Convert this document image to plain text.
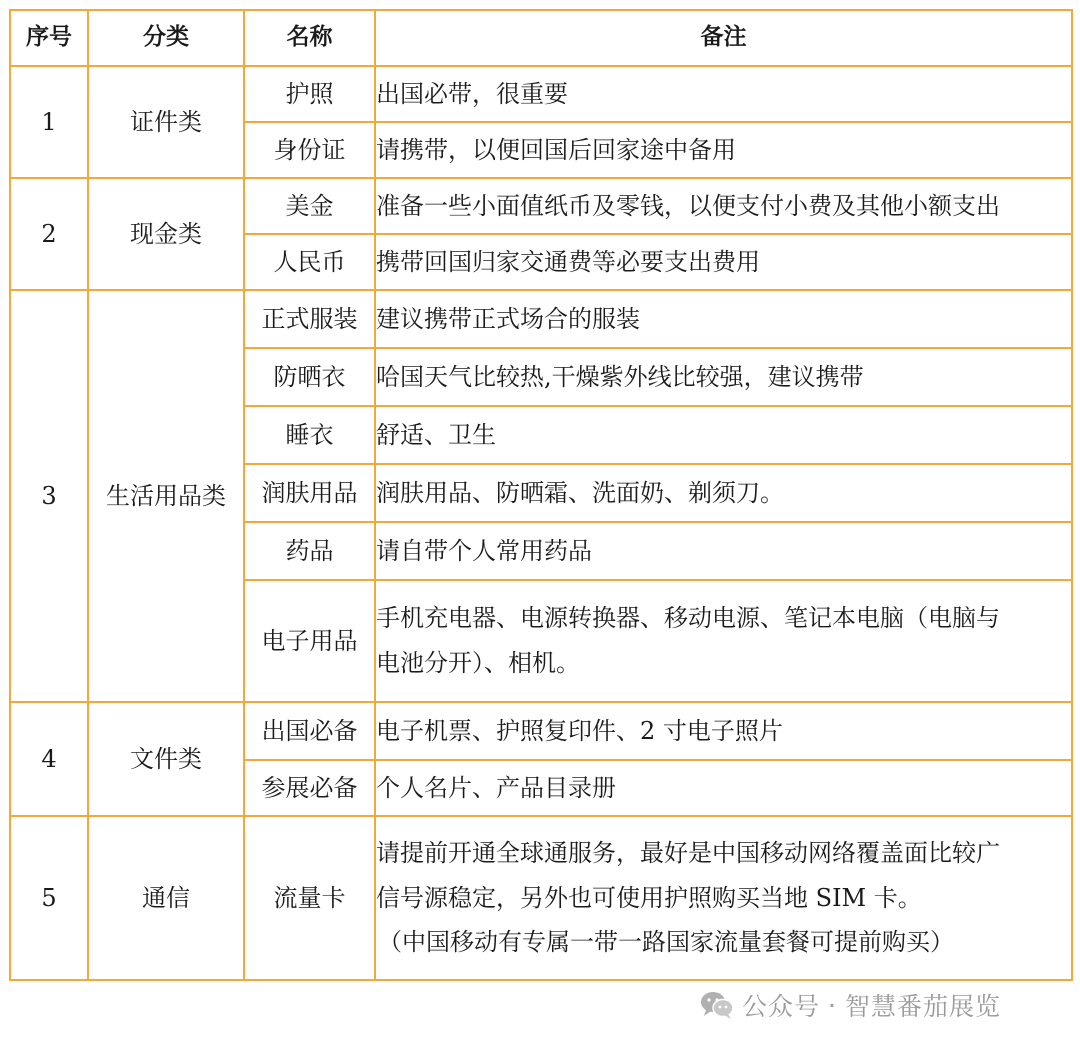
序号	分类	名称	备注
1	证件类	护照	出国必带，很重要

		身份证	请携带，以便回国后回家途中备用

2	现金类	美金	准备一些小面值纸币及零钱，以便支付小费及其他小额支出

		人民币	携带回国归家交通费等必要支出费用

3	生活用品类	正式服装	建议携带正式场合的服装

		防晒衣	哈国天气比较热,干燥紫外线比较强，建议携带

		睡衣	舒适、卫生

		润肤用品	润肤用品、防晒霜、洗面奶、剃须刀。

		药品	请自带个人常用药品

		电子用品	手机充电器、电源转换器、移动电源、笔记本电脑（电脑与
电池分开）、相机。

4	文件类	出国必备	电子机票、护照复印件、2 寸电子照片

		参展必备	个人名片、产品目录册

5	通信	流量卡	请提前开通全球通服务，最好是中国移动网络覆盖面比较广
信号源稳定，另外也可使用护照购买当地 SIM 卡。
（中国移动有专属一带一路国家流量套餐可提前购买）
公众号 · 智慧番茄展览
